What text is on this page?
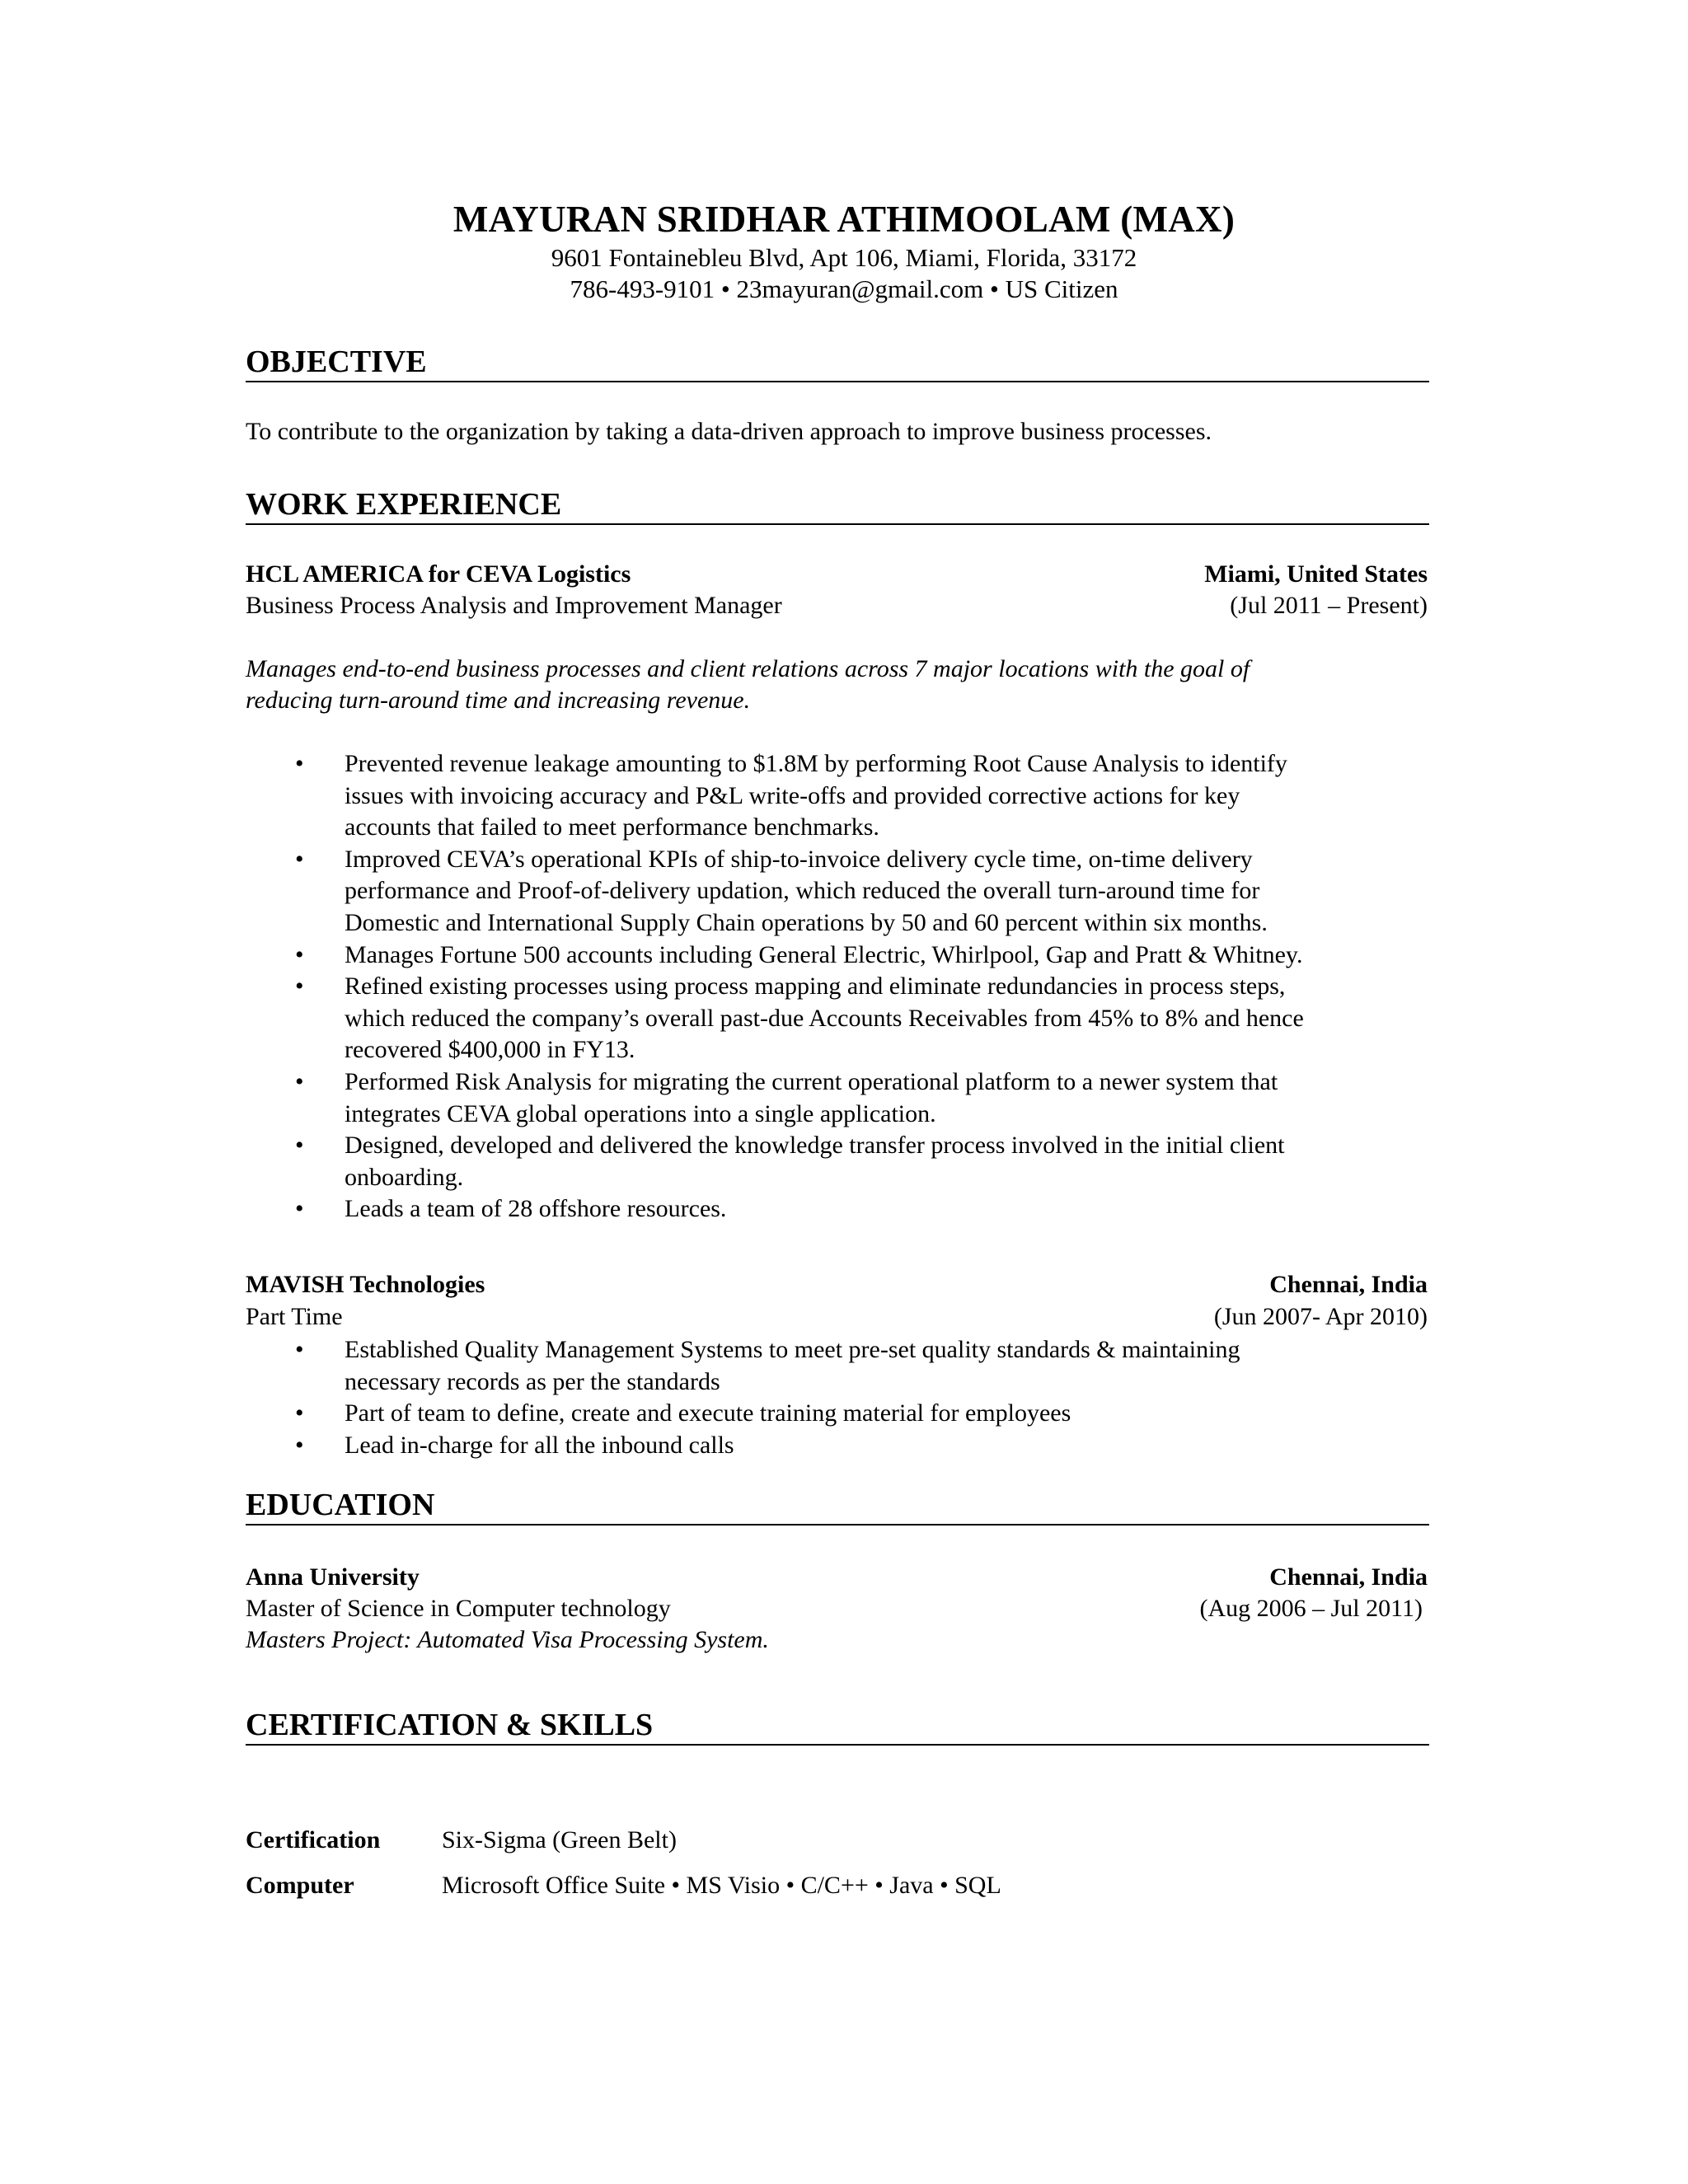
MAYURAN SRIDHAR ATHIMOOLAM (MAX)
9601 Fontainebleu Blvd, Apt 106, Miami, Florida, 33172
786-493-9101 • 23mayuran@gmail.com • US Citizen
OBJECTIVE
To contribute to the organization by taking a data-driven approach to improve business processes.
WORK EXPERIENCE
HCL AMERICA for CEVA Logistics	Miami, United States
Business Process Analysis and Improvement Manager	(Jul 2011 – Present)
Manages end-to-end business processes and client relations across 7 major locations with the goal of
reducing turn-around time and increasing revenue.
• Prevented revenue leakage amounting to $1.8M by performing Root Cause Analysis to identify
issues with invoicing accuracy and P&L write-offs and provided corrective actions for key
accounts that failed to meet performance benchmarks.
• Improved CEVA’s operational KPIs of ship-to-invoice delivery cycle time, on-time delivery
performance and Proof-of-delivery updation, which reduced the overall turn-around time for
Domestic and International Supply Chain operations by 50 and 60 percent within six months.
• Manages Fortune 500 accounts including General Electric, Whirlpool, Gap and Pratt & Whitney.
• Refined existing processes using process mapping and eliminate redundancies in process steps,
which reduced the company’s overall past-due Accounts Receivables from 45% to 8% and hence
recovered $400,000 in FY13.
• Performed Risk Analysis for migrating the current operational platform to a newer system that
integrates CEVA global operations into a single application.
• Designed, developed and delivered the knowledge transfer process involved in the initial client
onboarding.
• Leads a team of 28 offshore resources.
MAVISH Technologies	Chennai, India
Part Time	(Jun 2007- Apr 2010)
• Established Quality Management Systems to meet pre-set quality standards & maintaining
necessary records as per the standards
• Part of team to define, create and execute training material for employees
• Lead in-charge for all the inbound calls
EDUCATION
Anna University	Chennai, India
Master of Science in Computer technology	(Aug 2006 – Jul 2011)
Masters Project: Automated Visa Processing System.
CERTIFICATION & SKILLS
Certification Six-Sigma (Green Belt)
Computer	Microsoft Office Suite • MS Visio • C/C++ • Java • SQL
